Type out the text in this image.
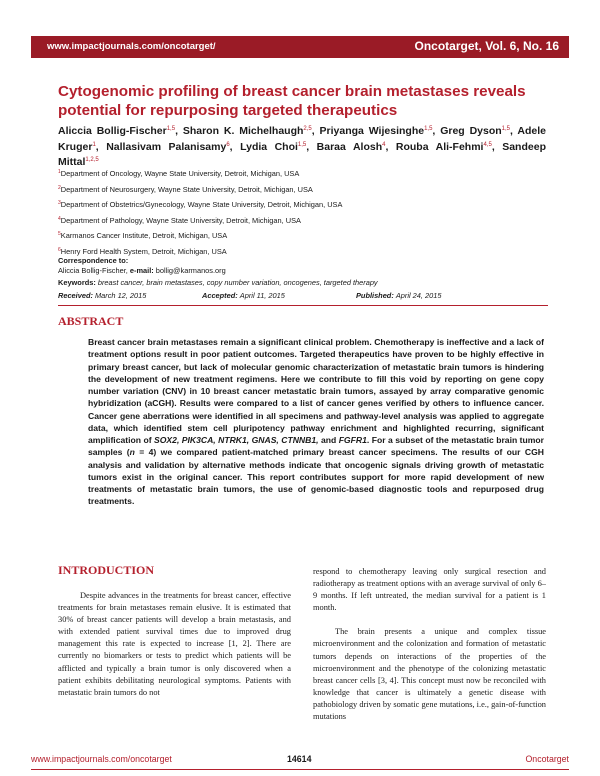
www.impactjournals.com/oncotarget/	Oncotarget, Vol. 6, No. 16
Cytogenomic profiling of breast cancer brain metastases reveals potential for repurposing targeted therapeutics

Aliccia Bollig-Fischer$^{1,5}$, Sharon K. Michelhaugh$^{2,5}$, Priyanga Wijesinghe$^{1,5}$, Greg Dyson$^{1,5}$, Adele Kruger$^1$, Nallasivam Palanisamy$^6$, Lydia Choi$^{1,5}$, Baraa Alosh$^4$, Rouba Ali-Fehmi$^{4,5}$, Sandeep Mittal$^{1,2,5}$

$^1$Department of Oncology, Wayne State University, Detroit, Michigan, USA
$^2$Department of Neurosurgery, Wayne State University, Detroit, Michigan, USA
$^3$Department of Obstetrics/Gynecology, Wayne State University, Detroit, Michigan, USA
$^4$Department of Pathology, Wayne State University, Detroit, Michigan, USA
$^5$Karmanos Cancer Institute, Detroit, Michigan, USA
$^6$Henry Ford Health System, Detroit, Michigan, USA
Correspondence to:
Aliccia Bollig-Fischer, e-mail: bollig@karmanos.org
Keywords: breast cancer, brain metastases, copy number variation, oncogenes, targeted therapy
Received: March 12, 2015	Accepted: April 11, 2015	Published: April 24, 2015
ABSTRACT

Breast cancer brain metastases remain a significant clinical problem. Chemotherapy is ineffective and a lack of treatment options result in poor patient outcomes. Targeted therapeutics have proven to be highly effective in primary breast cancer, but lack of molecular genomic characterization of metastatic brain tumors is hindering the development of new treatment regimens. Here we contribute to fill this void by reporting on gene copy number variation (CNV) in 10 breast cancer metastatic brain tumors, assayed by array comparative genomic hybridization (aCGH). Results were compared to a list of cancer genes verified by others to influence cancer. Cancer gene aberrations were identified in all specimens and pathway-level analysis was applied to aggregate data, which identified stem cell pluripotency pathway enrichment and highlighted recurring, significant amplification of SOX2, PIK3CA, NTRK1, GNAS, CTNNB1, and FGFR1. For a subset of the metastatic brain tumor samples (n = 4) we compared patient-matched primary breast cancer specimens. The results of our CGH analysis and validation by alternative methods indicate that oncogenic signals driving growth of metastatic tumors exist in the original cancer. This report contributes support for more rapid development of new treatments of metastatic brain tumors, the use of genomic-based diagnostic tools and repurposed drug treatments.

INTRODUCTION

Despite advances in the treatments for breast cancer, effective treatments for brain metastases remain elusive. It is estimated that 30% of breast cancer patients will develop a brain metastasis, and with extended patient survival times due to improved drug management this rate is expected to increase [1, 2]. There are currently no biomarkers or tests to predict which patients will be afflicted and typically a brain tumor is only discovered when a patient exhibits debilitating neurological symptoms. Patients with metastatic brain tumors do not

respond to chemotherapy leaving only surgical resection and radiotherapy as treatment options with an average survival of only 6–9 months. If left untreated, the median survival for a patient is 1 month.

The brain presents a unique and complex tissue microenvironment and the colonization and formation of metastatic tumors depends on interactions of the properties of the microenvironment and the phenotype of the colonizing metastatic breast cancer cells [3, 4]. This concept must now be reconciled with knowledge that cancer is ultimately a genetic disease with pathobiology driven by somatic gene mutations, i.e., gain-of-function mutations

www.impactjournals.com/oncotarget	14614	Oncotarget
